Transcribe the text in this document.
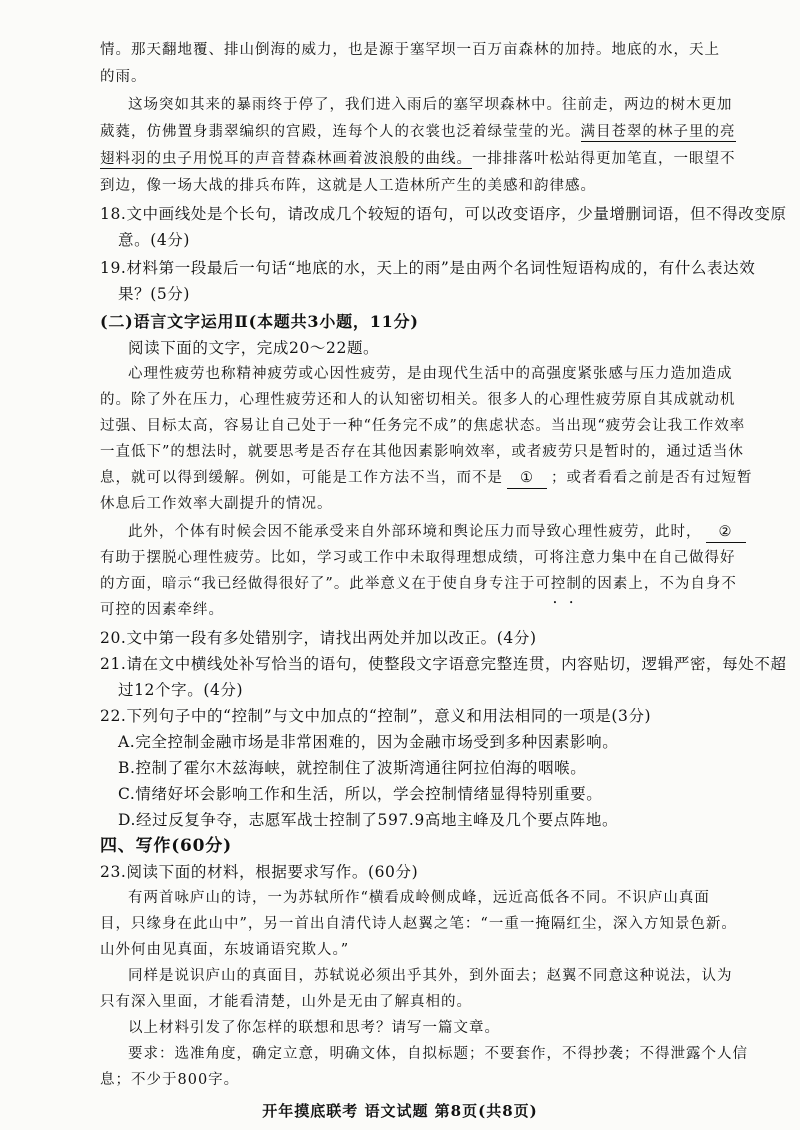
情。那天翻地覆、排山倒海的威力，也是源于塞罕坝一百万亩森林的加持。地底的水，天上
的雨。
这场突如其来的暴雨终于停了，我们进入雨后的塞罕坝森林中。往前走，两边的树木更加
葳蕤，仿佛置身翡翠编织的宫殿，连每个人的衣裳也泛着绿莹莹的光。满目苍翠的林子里的亮
翅料羽的虫子用悦耳的声音替森林画着波浪般的曲线。一排排落叶松站得更加笔直，一眼望不
到边，像一场大战的排兵布阵，这就是人工造林所产生的美感和韵律感。
18.文中画线处是个长句，请改成几个较短的语句，可以改变语序，少量增删词语，但不得改变原
意。(4分)
19.材料第一段最后一句话“地底的水，天上的雨”是由两个名词性短语构成的，有什么表达效
果？(5分)
(二)语言文字运用Ⅱ(本题共3小题，11分)
阅读下面的文字，完成20～22题。
心理性疲劳也称精神疲劳或心因性疲劳，是由现代生活中的高强度紧张感与压力造加造成
的。除了外在压力，心理性疲劳还和人的认知密切相关。很多人的心理性疲劳原自其成就动机
过强、目标太高，容易让自己处于一种“任务完不成”的焦虑状态。当出现“疲劳会让我工作效率
一直低下”的想法时，就要思考是否存在其他因素影响效率，或者疲劳只是暂时的，通过适当休
息，就可以得到缓解。例如，可能是工作方法不当，而不是 ① ；或者看看之前是否有过短暂
休息后工作效率大副提升的情况。
此外，个体有时候会因不能承受来自外部环境和舆论压力而导致心理性疲劳，此时， ②
有助于摆脱心理性疲劳。比如，学习或工作中未取得理想成绩，可将注意力集中在自己做得好
的方面，暗示“我已经做得很好了”。此举意义在于使自身专注于可控制 • •的因素上，不为自身不
可控的因素牵绊。
20.文中第一段有多处错别字，请找出两处并加以改正。(4分)
21.请在文中横线处补写恰当的语句，使整段文字语意完整连贯，内容贴切，逻辑严密，每处不超
过12个字。(4分)
22.下列句子中的“控制”与文中加点的“控制”，意义和用法相同的一项是(3分)
A.完全控制金融市场是非常困难的，因为金融市场受到多种因素影响。
B.控制了霍尔木兹海峡，就控制住了波斯湾通往阿拉伯海的咽喉。
C.情绪好坏会影响工作和生活，所以，学会控制情绪显得特别重要。
D.经过反复争夺，志愿军战士控制了597.9高地主峰及几个要点阵地。
四、写作(60分)
23.阅读下面的材料，根据要求写作。(60分)
有两首咏庐山的诗，一为苏轼所作“横看成岭侧成峰，远近高低各不同。不识庐山真面
目，只缘身在此山中”，另一首出自清代诗人赵翼之笔：“一重一掩隔红尘，深入方知景色新。
山外何由见真面，东坡诵语究欺人。”
同样是说识庐山的真面目，苏轼说必须出乎其外，到外面去；赵翼不同意这种说法，认为
只有深入里面，才能看清楚，山外是无由了解真相的。
开年摸底联考 语文试题 第8页(共8页)
以上材料引发了你怎样的联想和思考？请写一篇文章。
要求：选准角度，确定立意，明确文体，自拟标题；不要套作，不得抄袭；不得泄露个人信
息；不少于800字。
